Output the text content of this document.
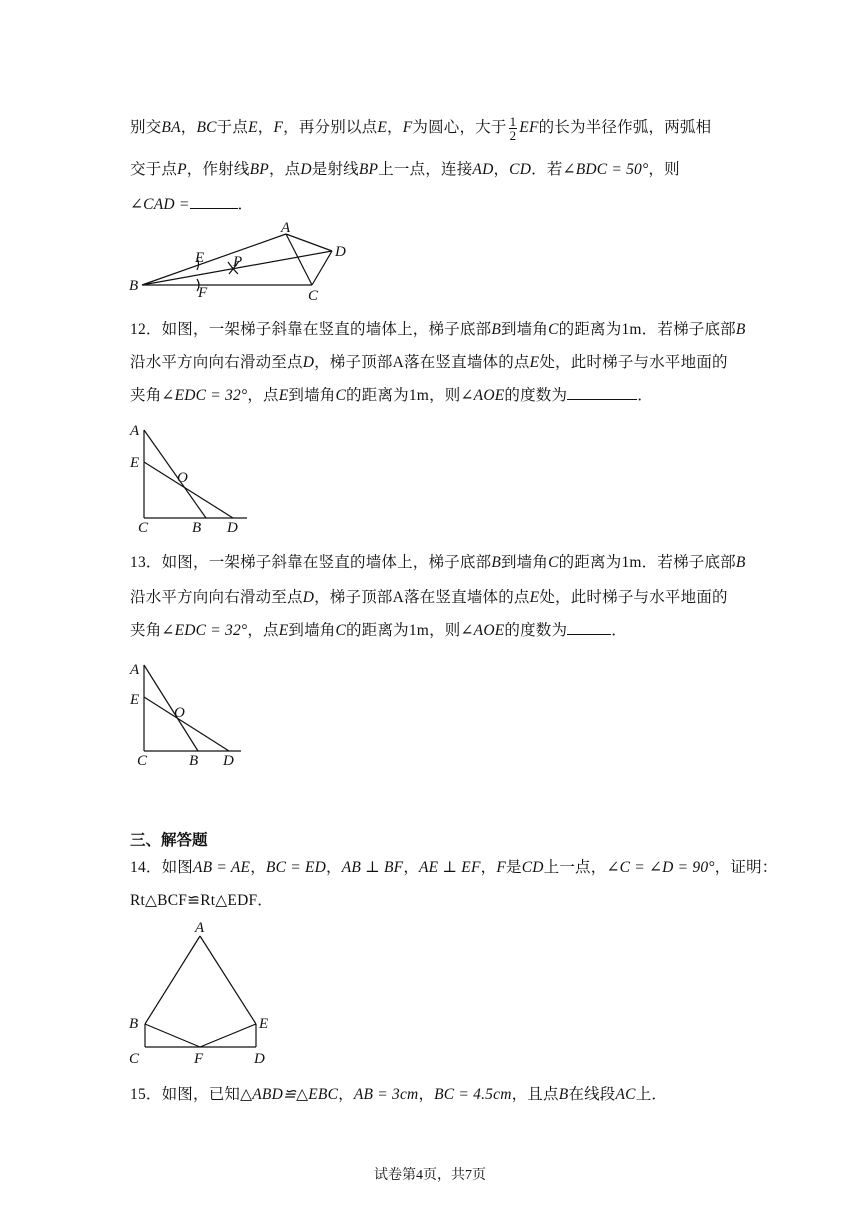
别交BA，BC于点E，F，再分别以点E，F为圆心，大于 $\frac{1}{2}$ EF的长为半径作弧，两弧相
交于点P，作射线BP，点D是射线BP上一点，连接AD，CD．若∠BDC = 50°，则
∠CAD =	．
A
B
C
D
E
F
P
12．如图，一架梯子斜靠在竖直的墙体上，梯子底部B到墙角C的距离为1m．若梯子底部B
沿水平方向向右滑动至点D，梯子顶部A落在竖直墙体的点E处，此时梯子与水平地面的
夹角∠EDC = 32°，点E到墙角C的距离为1m，则∠AOE的度数为	．
A
E
O
C	B D
13．如图，一架梯子斜靠在竖直的墙体上，梯子底部B到墙角C的距离为1m．若梯子底部B
沿水平方向向右滑动至点D，梯子顶部A落在竖直墙体的点E处，此时梯子与水平地面的
夹角∠EDC = 32°，点E到墙角C的距离为1m，则∠AOE的度数为	．
A
E
O
C	B D
三、解答题
14．如图AB = AE，BC = ED，AB ⊥ BF，AE ⊥ EF，F是CD上一点，∠C = ∠D = 90°，证明：
Rt△BCF≌Rt△EDF．
A
B	E
C	F	D
15．如图，已知△ABD≌△EBC，AB = 3cm，BC = 4.5cm，且点B在线段AC上．
试卷第4页，共7页
